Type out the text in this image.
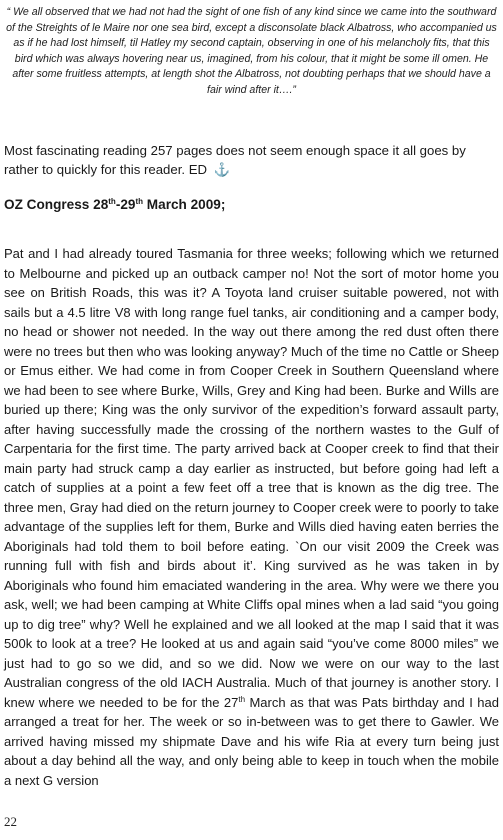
“ We all observed that we had not had the sight of one fish of any kind since we came into the southward of the Streights of le Maire nor one sea bird, except a disconsolate black Albatross, who accompanied us as if he had lost himself, til Hatley my second captain, observing in one of his melancholy fits, that this bird which was always hovering near us, imagined, from his colour, that it might be some ill omen. He after some fruitless attempts, at length shot the Albatross, not doubting perhaps that we should have a fair wind after it….”

Most fascinating reading 257 pages does not seem enough space it all goes by rather to quickly for this reader. ED ⚓

OZ Congress 28th-29th March 2009;

Pat and I had already toured Tasmania for three weeks; following which we returned to Melbourne and picked up an outback camper no! Not the sort of motor home you see on British Roads, this was it? A Toyota land cruiser suitable powered, not with sails but a 4.5 litre V8 with long range fuel tanks, air conditioning and a camper body, no head or shower not needed. In the way out there among the red dust often there were no trees but then who was looking anyway? Much of the time no Cattle or Sheep or Emus either. We had come in from Cooper Creek in Southern Queensland where we had been to see where Burke, Wills, Grey and King had been. Burke and Wills are buried up there; King was the only survivor of the expedition’s forward assault party, after having successfully made the crossing of the northern wastes to the Gulf of Carpentaria for the first time. The party arrived back at Cooper creek to find that their main party had struck camp a day earlier as instructed, but before going had left a catch of supplies at a point a few feet off a tree that is known as the dig tree. The three men, Gray had died on the return journey to Cooper creek were to poorly to take advantage of the supplies left for them, Burke and Wills died having eaten berries the Aboriginals had told them to boil before eating. `On our visit 2009 the Creek was running full with fish and birds about it’. King survived as he was taken in by Aboriginals who found him emaciated wandering in the area. Why were we there you ask, well; we had been camping at White Cliffs opal mines when a lad said “you going up to dig tree” why? Well he explained and we all looked at the map I said that it was 500k to look at a tree? He looked at us and again said “you’ve come 8000 miles” we just had to go so we did, and so we did. Now we were on our way to the last Australian congress of the old IACH Australia. Much of that journey is another story. I knew where we needed to be for the 27th March as that was Pats birthday and I had arranged a treat for her. The week or so in-between was to get there to Gawler. We arrived having missed my shipmate Dave and his wife Ria at every turn being just about a day behind all the way, and only being able to keep in touch when the mobile a next G version

22
